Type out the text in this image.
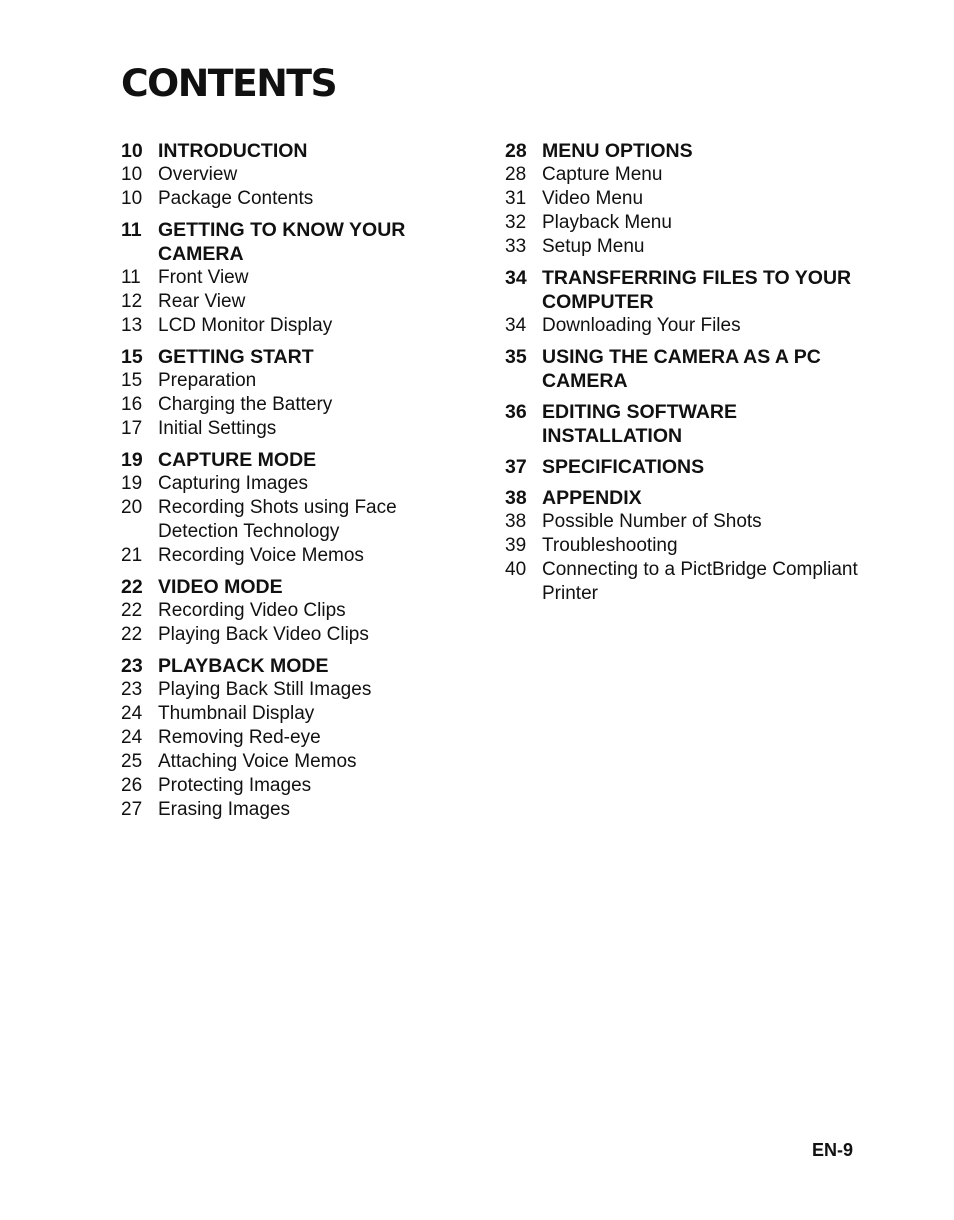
CONTENTS
10 INTRODUCTION
10 Overview
10 Package Contents
11 GETTING TO KNOW YOUR CAMERA
11 Front View
12 Rear View
13 LCD Monitor Display
15 GETTING START
15 Preparation
16 Charging the Battery
17 Initial Settings
19 CAPTURE MODE
19 Capturing Images
20 Recording Shots using Face Detection Technology
21 Recording Voice Memos
22 VIDEO MODE
22 Recording Video Clips
22 Playing Back Video Clips
23 PLAYBACK MODE
23 Playing Back Still Images
24 Thumbnail Display
24 Removing Red-eye
25 Attaching Voice Memos
26 Protecting Images
27 Erasing Images
28 MENU OPTIONS
28 Capture Menu
31 Video Menu
32 Playback Menu
33 Setup Menu
34 TRANSFERRING FILES TO YOUR COMPUTER
34 Downloading Your Files
35 USING THE CAMERA AS A PC CAMERA
36 EDITING SOFTWARE INSTALLATION
37 SPECIFICATIONS
38 APPENDIX
38 Possible Number of Shots
39 Troubleshooting
40 Connecting to a PictBridge Compliant Printer
EN-9
